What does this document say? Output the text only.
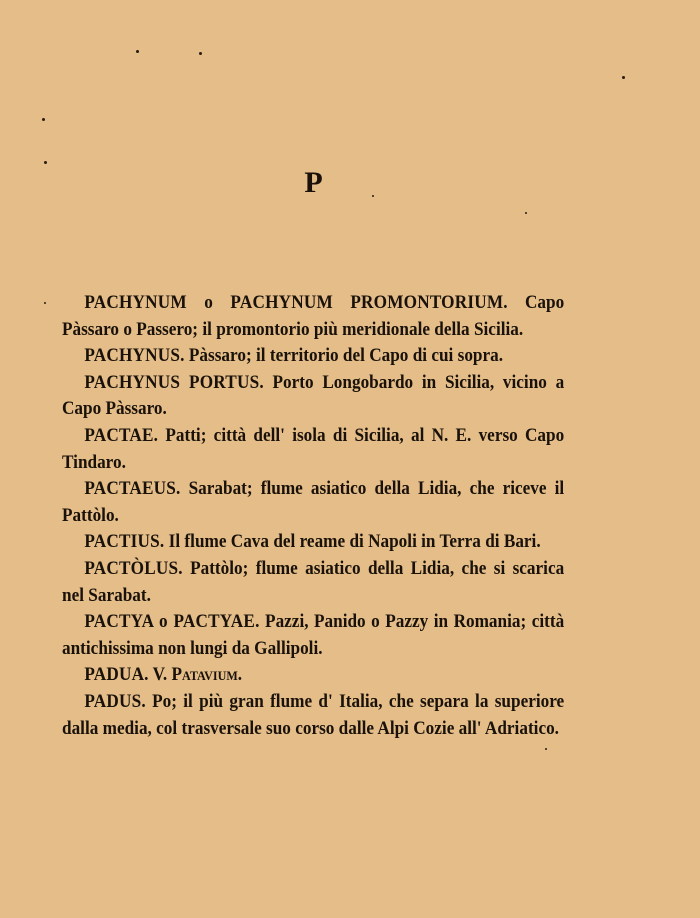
P

PACHYNUM o PACHYNUM PROMONTORIUM. Capo Pàssaro o Passero; il promontorio più meridionale della Sicilia.

PACHYNUS. Pàssaro; il territorio del Capo di cui sopra.

PACHYNUS PORTUS. Porto Longobardo in Sicilia, vicino a Capo Pàssaro.

PACTAE. Patti; città dell' isola di Sicilia, al N. E. verso Capo Tindaro.

PACTAEUS. Sarabat; flume asiatico della Lidia, che riceve il Pattòlo.

PACTIUS. Il flume Cava del reame di Napoli in Terra di Bari.

PACTÒLUS. Pattòlo; flume asiatico della Lidia, che si scarica nel Sarabat.

PACTYA o PACTYAE. Pazzi, Panido o Pazzy in Romania; città antichissima non lungi da Gallipoli.

PADUA. V. Patavium.

PADUS. Po; il più gran flume d' Italia, che separa la superiore dalla media, col trasversale suo corso dalle Alpi Cozie all' Adriatico.
